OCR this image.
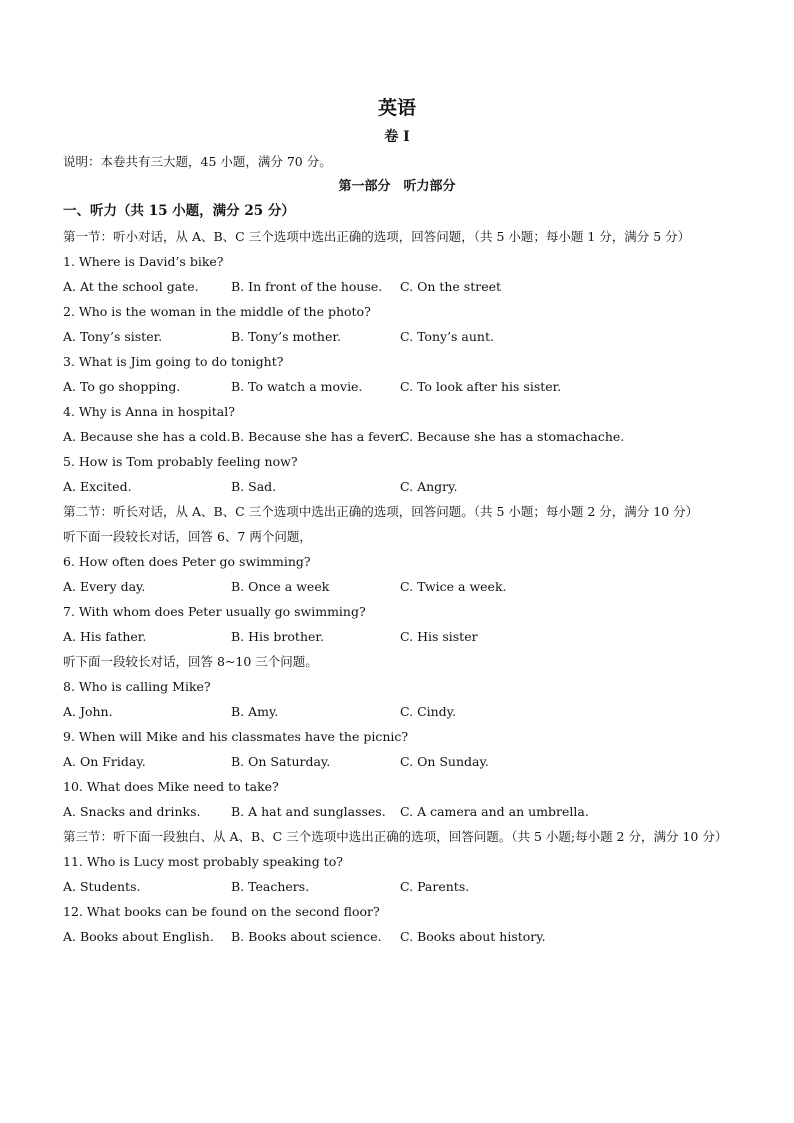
英语
卷 I
说明：本卷共有三大题，45 小题，满分 70 分。
第一部分　听力部分
一、听力（共 15 小题，满分 25 分）
第一节：听小对话，从 A、B、C 三个选项中选出正确的选项，回答问题，（共 5 小题；每小题 1 分，满分 5 分）
1. Where is David’s bike?
A. At the school gate.	B. In front of the house.	C. On the street
2. Who is the woman in the middle of the photo?
A. Tony’s sister.	B. Tony’s mother.	C. Tony’s aunt.
3. What is Jim going to do tonight?
A. To go shopping.	B. To watch a movie.	C. To look after his sister.
4. Why is Anna in hospital?
A. Because she has a cold. B. Because she has a fever.
C. Because she has a stomachache.
5. How is Tom probably feeling now?
A. Excited.	B. Sad.	C. Angry.
第二节：听长对话，从 A、B、C 三个选项中选出正确的选项，回答问题。（共 5 小题；每小题 2 分，满分 10 分）
听下面一段较长对话，回答 6、7 两个问题，
6. How often does Peter go swimming?
A. Every day.	B. Once a week	C. Twice a week.
7. With whom does Peter usually go swimming?
A. His father.	B. His brother.	C. His sister
听下面一段较长对话，回答 8~10 三个问题。
8. Who is calling Mike?
A. John.	B. Amy.	C. Cindy.
9. When will Mike and his classmates have the picnic?
A. On Friday.	B. On Saturday.	C. On Sunday.
10. What does Mike need to take?
A. Snacks and drinks.	B. A hat and sunglasses.	C. A camera and an umbrella.
第三节：听下面一段独白、从 A、B、C 三个选项中选出正确的选项，回答问题。（共 5 小题;每小题 2 分，满分 10 分）
11. Who is Lucy most probably speaking to?
A. Students.	B. Teachers.	C. Parents.
12. What books can be found on the second floor?
A. Books about English.	B. Books about science.	C. Books about history.
